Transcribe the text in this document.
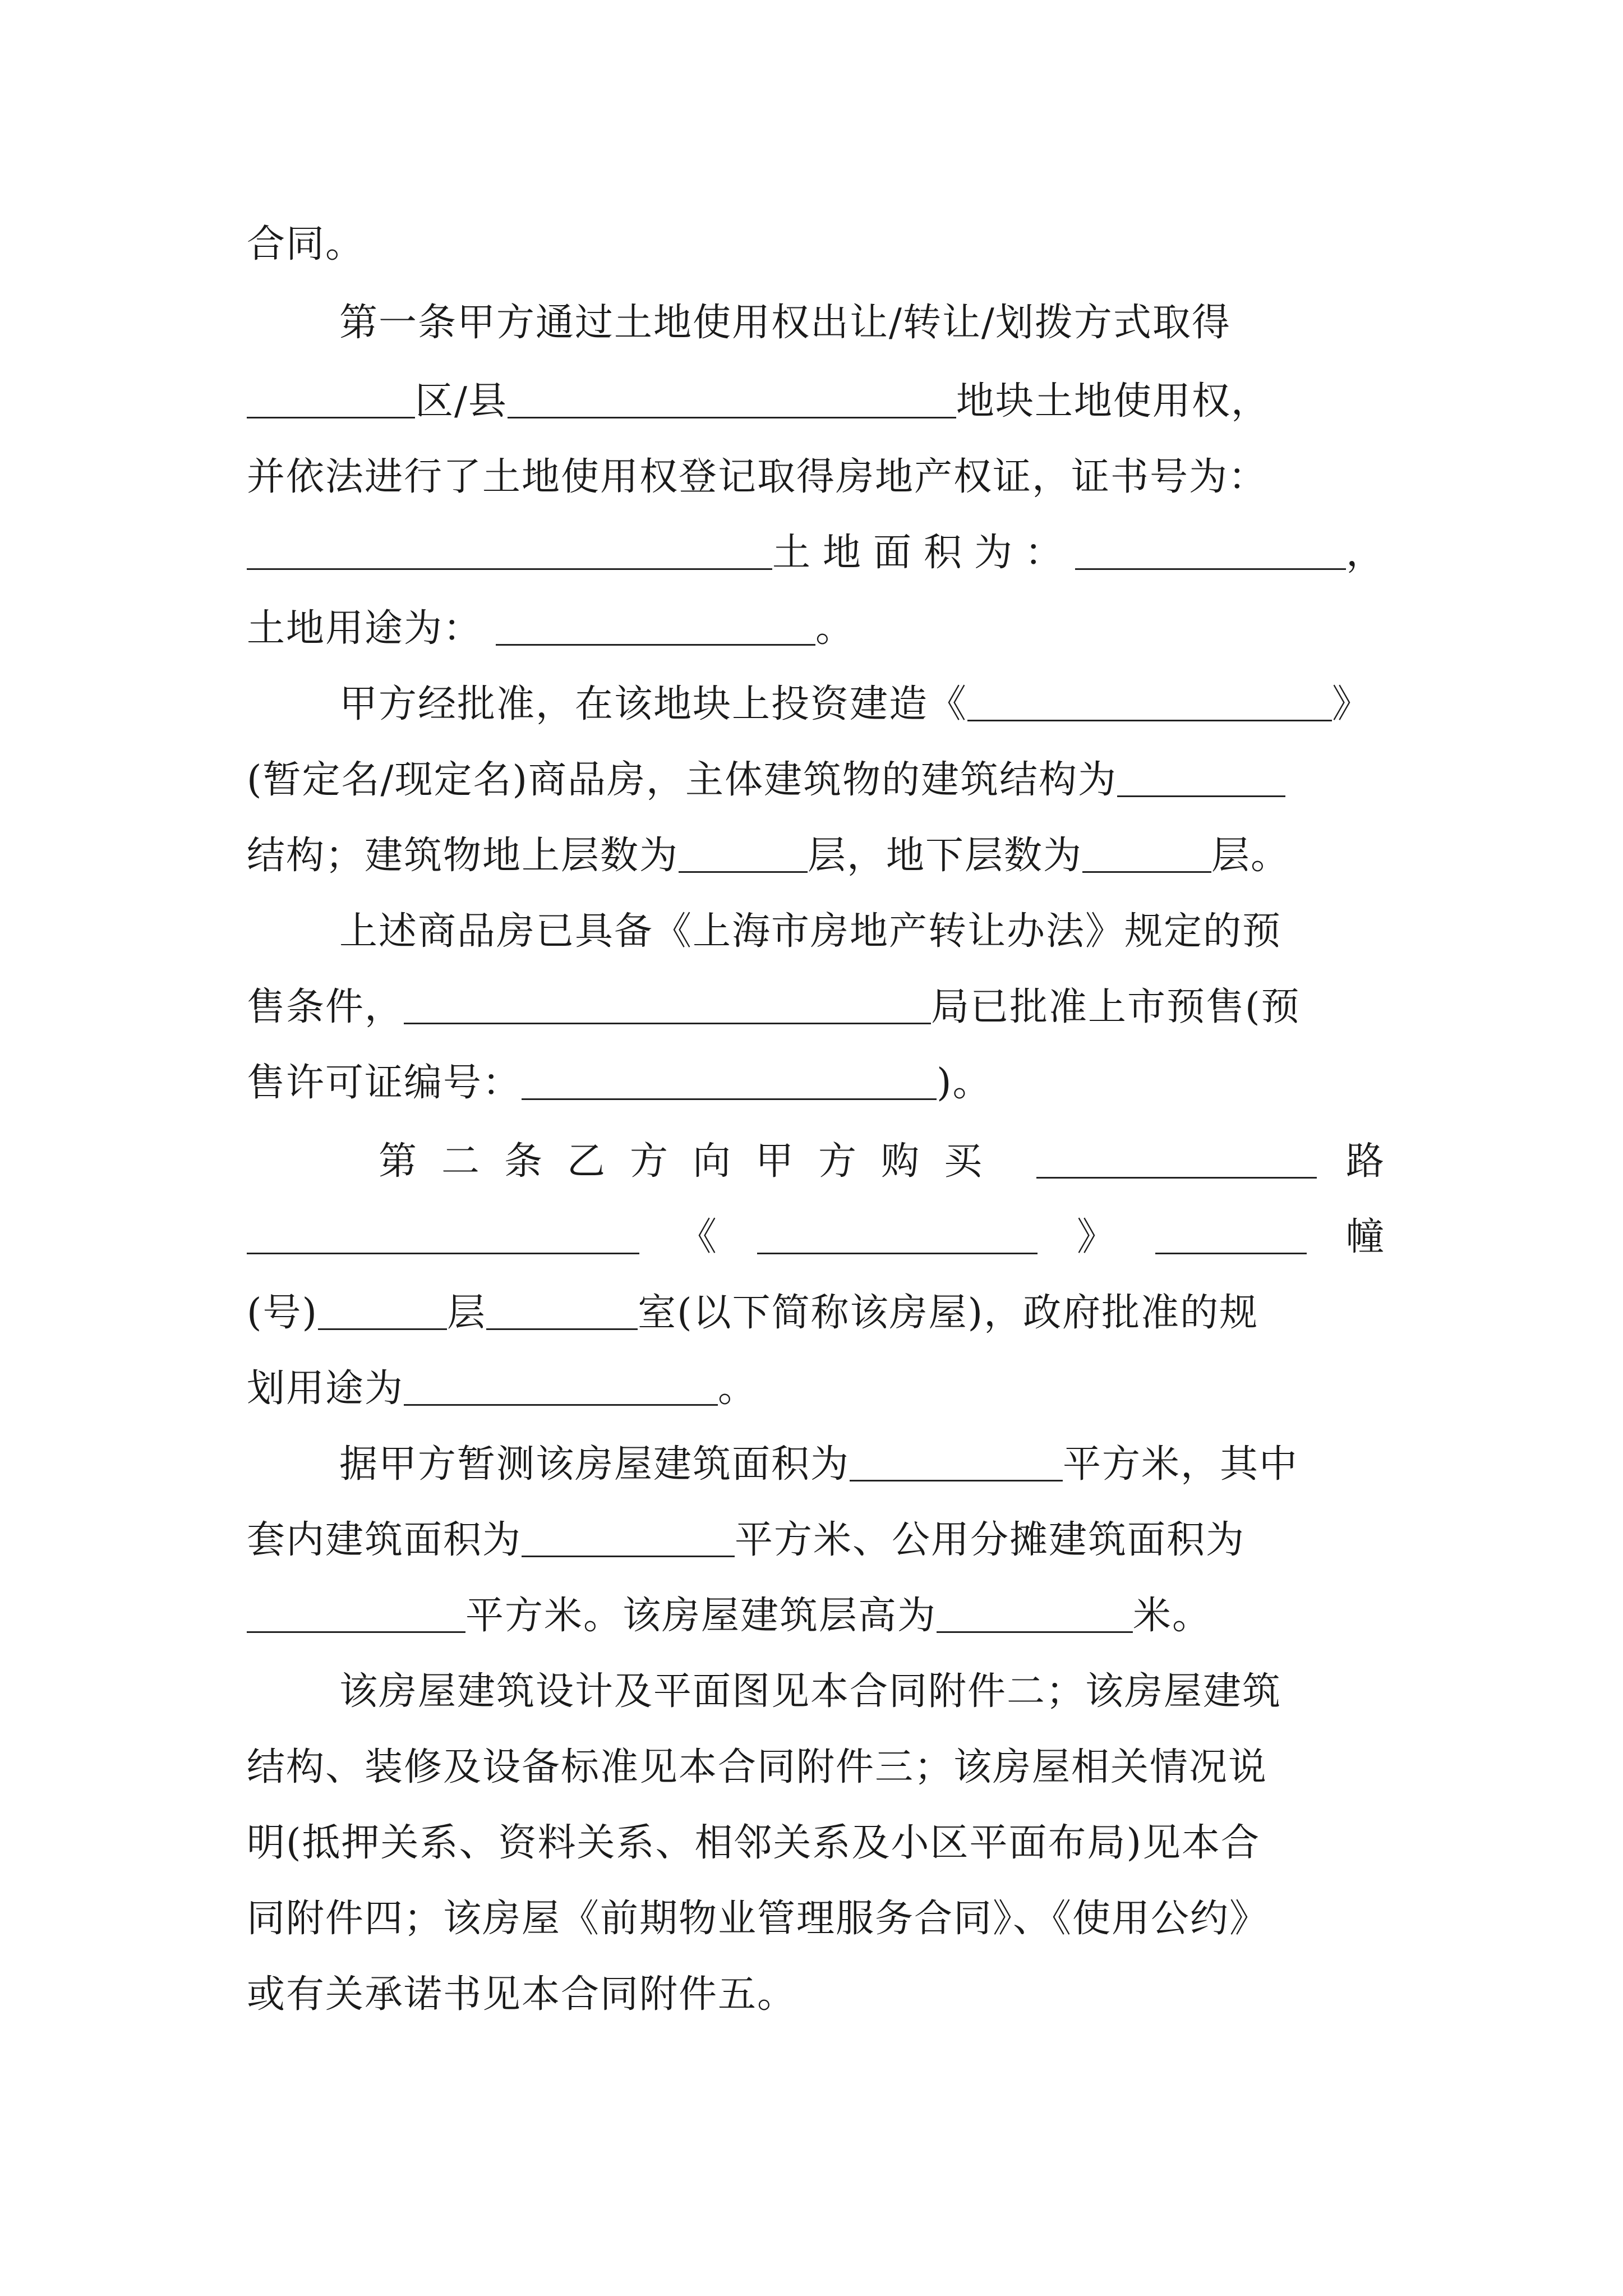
合同。
第一条甲方通过土地使用权出让/转让/划拨方式取得
区/县	地块土地使用权，
并依法进行了土地使用权登记取得房地产权证，证书号为：
土地面积为：	，
土地用途为：	。
甲方经批准，在该地块上投资建造《	》
(暂定名/现定名)商品房，主体建筑物的建筑结构为
结构；建筑物地上层数为	层，地下层数为	层。
上述商品房已具备《上海市房地产转让办法》规定的预
售条件，	局已批准上市预售(预
售许可证编号：	)。
第二条乙方向甲方购买	路
《	》	幢
(号)	层	室(以下简称该房屋)，政府批准的规
划用途为	。
据甲方暂测该房屋建筑面积为	平方米，其中
套内建筑面积为	平方米、公用分摊建筑面积为
平方米。该房屋建筑层高为	米。
该房屋建筑设计及平面图见本合同附件二；该房屋建筑
结构、装修及设备标准见本合同附件三；该房屋相关情况说
明(抵押关系、资料关系、相邻关系及小区平面布局)见本合
同附件四；该房屋《前期物业管理服务合同》、《使用公约》
或有关承诺书见本合同附件五。
